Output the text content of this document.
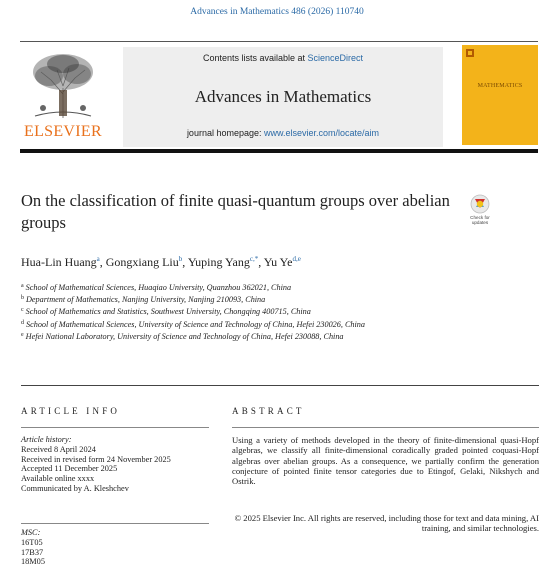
Advances in Mathematics 486 (2026) 110740
ELSEVIER
Contents lists available at ScienceDirect
Advances in Mathematics
journal homepage: www.elsevier.com/locate/aim
MATHEMATICS
On the classification of finite quasi-quantum groups over abelian groups	Check for updates
Hua-Lin Huang$^a$, Gongxiang Liu$^b$, Yuping Yang$^{c,*}$, Yu Ye$^{d,e}$
$^a$ School of Mathematical Sciences, Huaqiao University, Quanzhou 362021, China
$^b$ Department of Mathematics, Nanjing University, Nanjing 210093, China
$^c$ School of Mathematics and Statistics, Southwest University, Chongqing 400715, China
$^d$ School of Mathematical Sciences, University of Science and Technology of China, Hefei 230026, China
$^e$ Hefei National Laboratory, University of Science and Technology of China, Hefei 230088, China
ARTICLE INFO
Article history:
Received 8 April 2024
Received in revised form 24 November 2025
Accepted 11 December 2025
Available online xxxx
Communicated by A. Kleshchev
MSC:
16T05
17B37
18M05
ABSTRACT
Using a variety of methods developed in the theory of finite-dimensional quasi-Hopf algebras, we classify all finite-dimensional coradically graded pointed coquasi-Hopf algebras over abelian groups. As a consequence, we partially confirm the generation conjecture of pointed finite tensor categories due to Etingof, Gelaki, Nikshych and Ostrik.
© 2025 Elsevier Inc. All rights are reserved, including those for text and data mining, AI training, and similar technologies.
